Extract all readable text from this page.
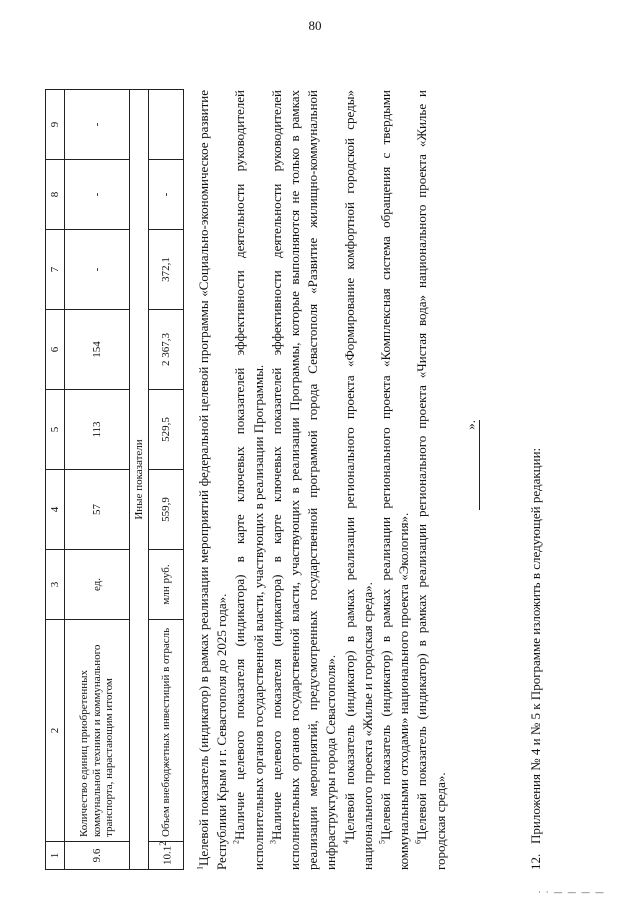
80
1	2	3	4	5	6	7	8	9
9.6	Количество единиц приобретенных коммунальной техники и коммунального транспорта, нарастающим итогом	ед.	57	113	154	-	-	-
Иные показатели								
10.1$^2$	Объем внебюджетных инвестиций в отрасль	млн руб.	559,9	529,5	2 367,3	372,1	-	

$^1$Целевой показатель (индикатор) в рамках реализации мероприятий федеральной целевой программы «Социально-экономическое развитие Республики Крым и г. Севастополя до 2025 года». $^2$Наличие целевого показателя (индикатора) в карте ключевых показателей эффективности деятельности руководителей исполнительных органов государственной власти, участвующих в реализации Программы. $^3$Наличие целевого показателя (индикатора) в карте ключевых показателей эффективности деятельности руководителей исполнительных органов государственной власти, участвующих в реализации Программы, которые выполняются не только в рамках реализации мероприятий, предусмотренных государственной программой города Севастополя «Развитие жилищно-коммунальной инфраструктуры города Севастополя». $^4$Целевой показатель (индикатор) в рамках реализации регионального проекта «Формирование комфортной городской среды» национального проекта «Жилье и городская среда». $^5$Целевой показатель (индикатор) в рамках реализации регионального проекта «Комплексная система обращения с твердыми коммунальными отходами» национального проекта «Экология». $^6$Целевой показатель (индикатор) в рамках реализации регионального проекта «Чистая вода» национального проекта «Жилье и городская среда».

».
12.Приложения № 4 и № 5 к Программе изложить в следующей редакции:
· · — — — —
